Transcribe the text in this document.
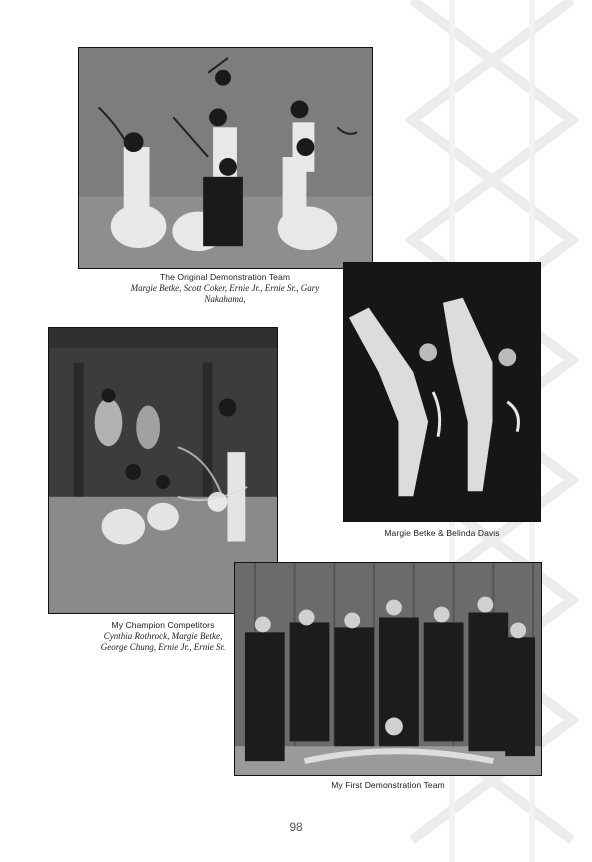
The Original Demonstration Team
Margie Betke, Scott Coker, Ernie Jr., Ernie Sr., Gary Nakahama,
Margie Betke & Belinda Davis
My Champion Competitors
Cynthia Rothrock, Margie Betke,
George Chung, Ernie Jr., Ernie Sr.
My First Demonstration Team
98
